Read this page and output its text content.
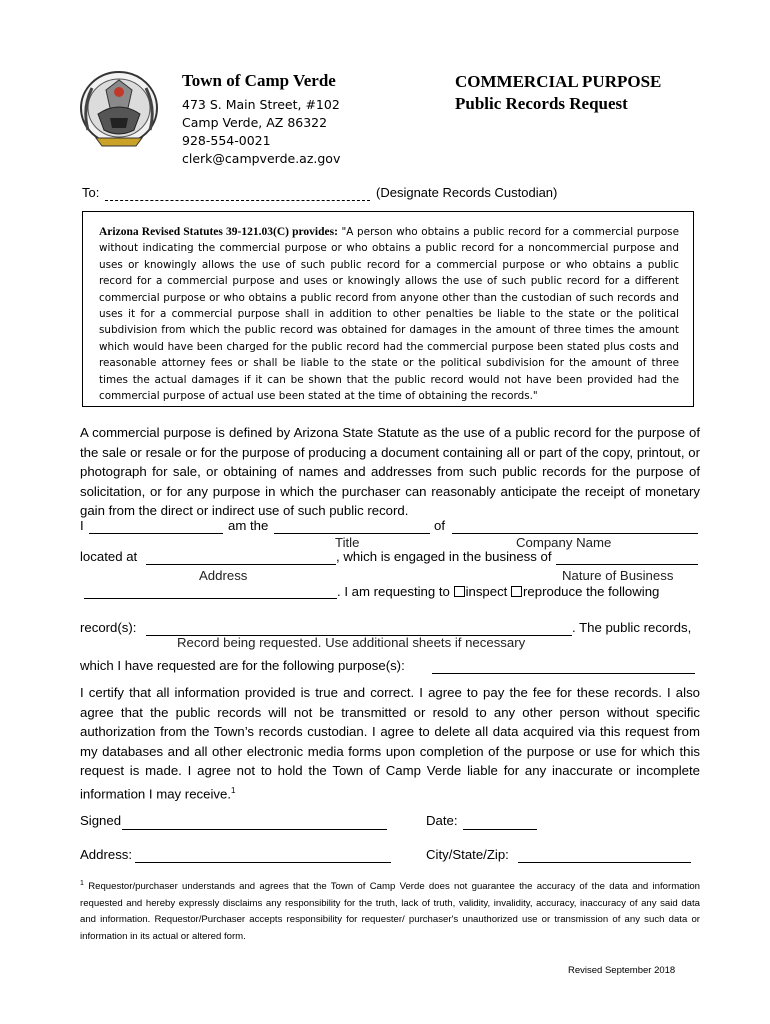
Town of Camp Verde
473 S. Main Street, #102
Camp Verde, AZ 86322
928-554-0021
clerk@campverde.az.gov
COMMERCIAL PURPOSE
Public Records Request
To:	(Designate Records Custodian)
Arizona Revised Statutes 39-121.03(C) provides: "A person who obtains a public record for a commercial purpose without indicating the commercial purpose or who obtains a public record for a noncommercial purpose and uses or knowingly allows the use of such public record for a commercial purpose or who obtains a public record for a commercial purpose and uses or knowingly allows the use of such public record for a different commercial purpose or who obtains a public record from anyone other than the custodian of such records and uses it for a commercial purpose shall in addition to other penalties be liable to the state or the political subdivision from which the public record was obtained for damages in the amount of three times the amount which would have been charged for the public record had the commercial purpose been stated plus costs and reasonable attorney fees or shall be liable to the state or the political subdivision for the amount of three times the actual damages if it can be shown that the public record would not have been provided had the commercial purpose of actual use been stated at the time of obtaining the records."
A commercial purpose is defined by Arizona State Statute as the use of a public record for the purpose of the sale or resale or for the purpose of producing a document containing all or part of the copy, printout, or photograph for sale, or obtaining of names and addresses from such public records for the purpose of solicitation, or for any purpose in which the purchaser can reasonably anticipate the receipt of monetary gain from the direct or indirect use of such public record.
I	am the	of
Title	Company Name
located at	, which is engaged in the business of
Address	Nature of Business
. I am requesting to inspect reproduce the following
record(s):	. The public records,
Record being requested. Use additional sheets if necessary
which I have requested are for the following purpose(s):
I certify that all information provided is true and correct. I agree to pay the fee for these records. I also agree that the public records will not be transmitted or resold to any other person without specific authorization from the Town’s records custodian. I agree to delete all data acquired via this request from my databases and all other electronic media forms upon completion of the purpose or use for which this request is made. I agree not to hold the Town of Camp Verde liable for any inaccurate or incomplete information I may receive.$^1$
Signed	Date:
Address:	City/State/Zip:
$^1$ Requestor/purchaser understands and agrees that the Town of Camp Verde does not guarantee the accuracy of the data and information requested and hereby expressly disclaims any responsibility for the truth, lack of truth, validity, invalidity, accuracy, inaccuracy of any said data and information. Requestor/Purchaser accepts responsibility for requester/ purchaser's unauthorized use or transmission of any such data or information in its actual or altered form.
Revised September 2018
